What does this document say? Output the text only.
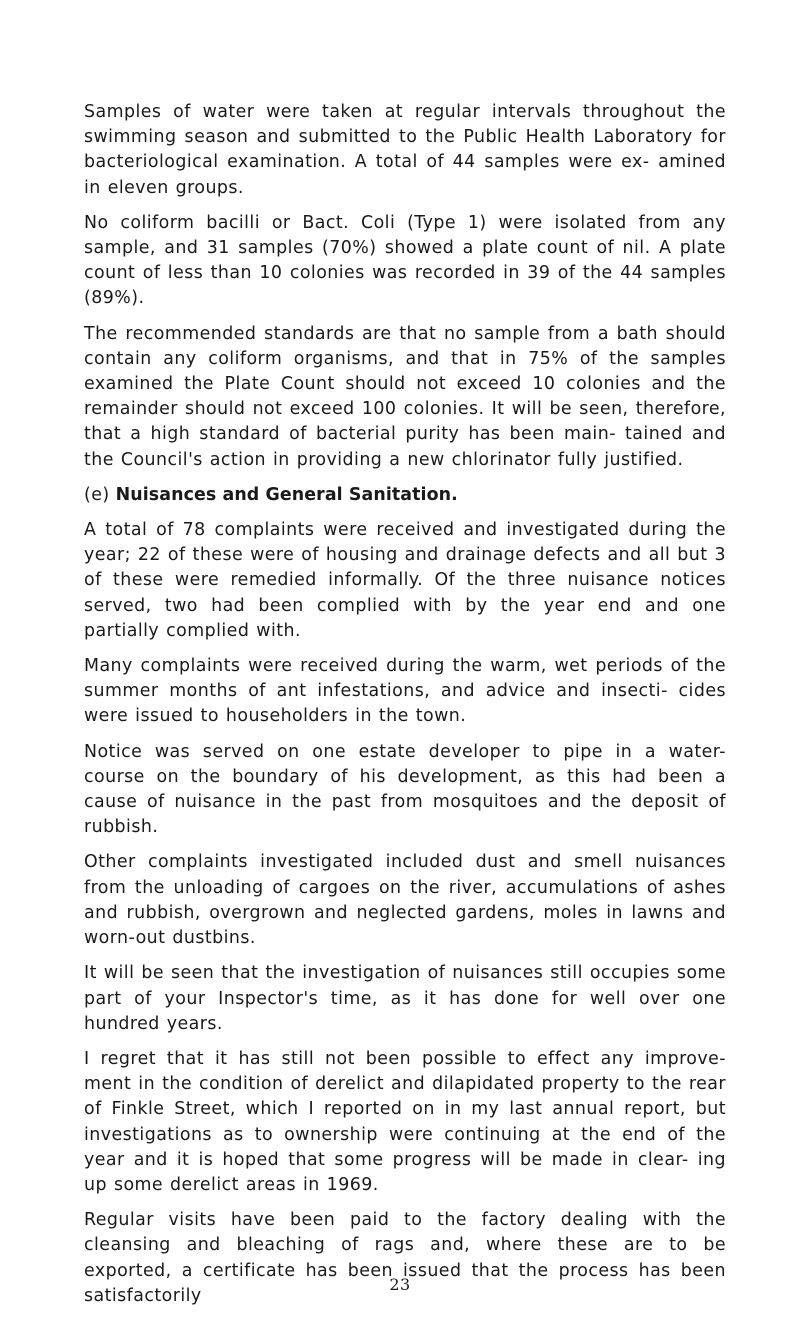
Samples of water were taken at regular intervals throughout the swimming season and submitted to the Public Health Laboratory for bacteriological examination. A total of 44 samples were ex- amined in eleven groups.

No coliform bacilli or Bact. Coli (Type 1) were isolated from any sample, and 31 samples (70%) showed a plate count of nil. A plate count of less than 10 colonies was recorded in 39 of the 44 samples (89%).

The recommended standards are that no sample from a bath should contain any coliform organisms, and that in 75% of the samples examined the Plate Count should not exceed 10 colonies and the remainder should not exceed 100 colonies. It will be seen, therefore, that a high standard of bacterial purity has been main- tained and the Council's action in providing a new chlorinator fully justified.

(e) Nuisances and General Sanitation.

A total of 78 complaints were received and investigated during the year; 22 of these were of housing and drainage defects and all but 3 of these were remedied informally. Of the three nuisance notices served, two had been complied with by the year end and one partially complied with.

Many complaints were received during the warm, wet periods of the summer months of ant infestations, and advice and insecti- cides were issued to householders in the town.

Notice was served on one estate developer to pipe in a water- course on the boundary of his development, as this had been a cause of nuisance in the past from mosquitoes and the deposit of rubbish.

Other complaints investigated included dust and smell nuisances from the unloading of cargoes on the river, accumulations of ashes and rubbish, overgrown and neglected gardens, moles in lawns and worn-out dustbins.

It will be seen that the investigation of nuisances still occupies some part of your Inspector's time, as it has done for well over one hundred years.

I regret that it has still not been possible to effect any improve- ment in the condition of derelict and dilapidated property to the rear of Finkle Street, which I reported on in my last annual report, but investigations as to ownership were continuing at the end of the year and it is hoped that some progress will be made in clear- ing up some derelict areas in 1969.

Regular visits have been paid to the factory dealing with the cleansing and bleaching of rags and, where these are to be exported, a certificate has been issued that the process has been satisfactorily

23
